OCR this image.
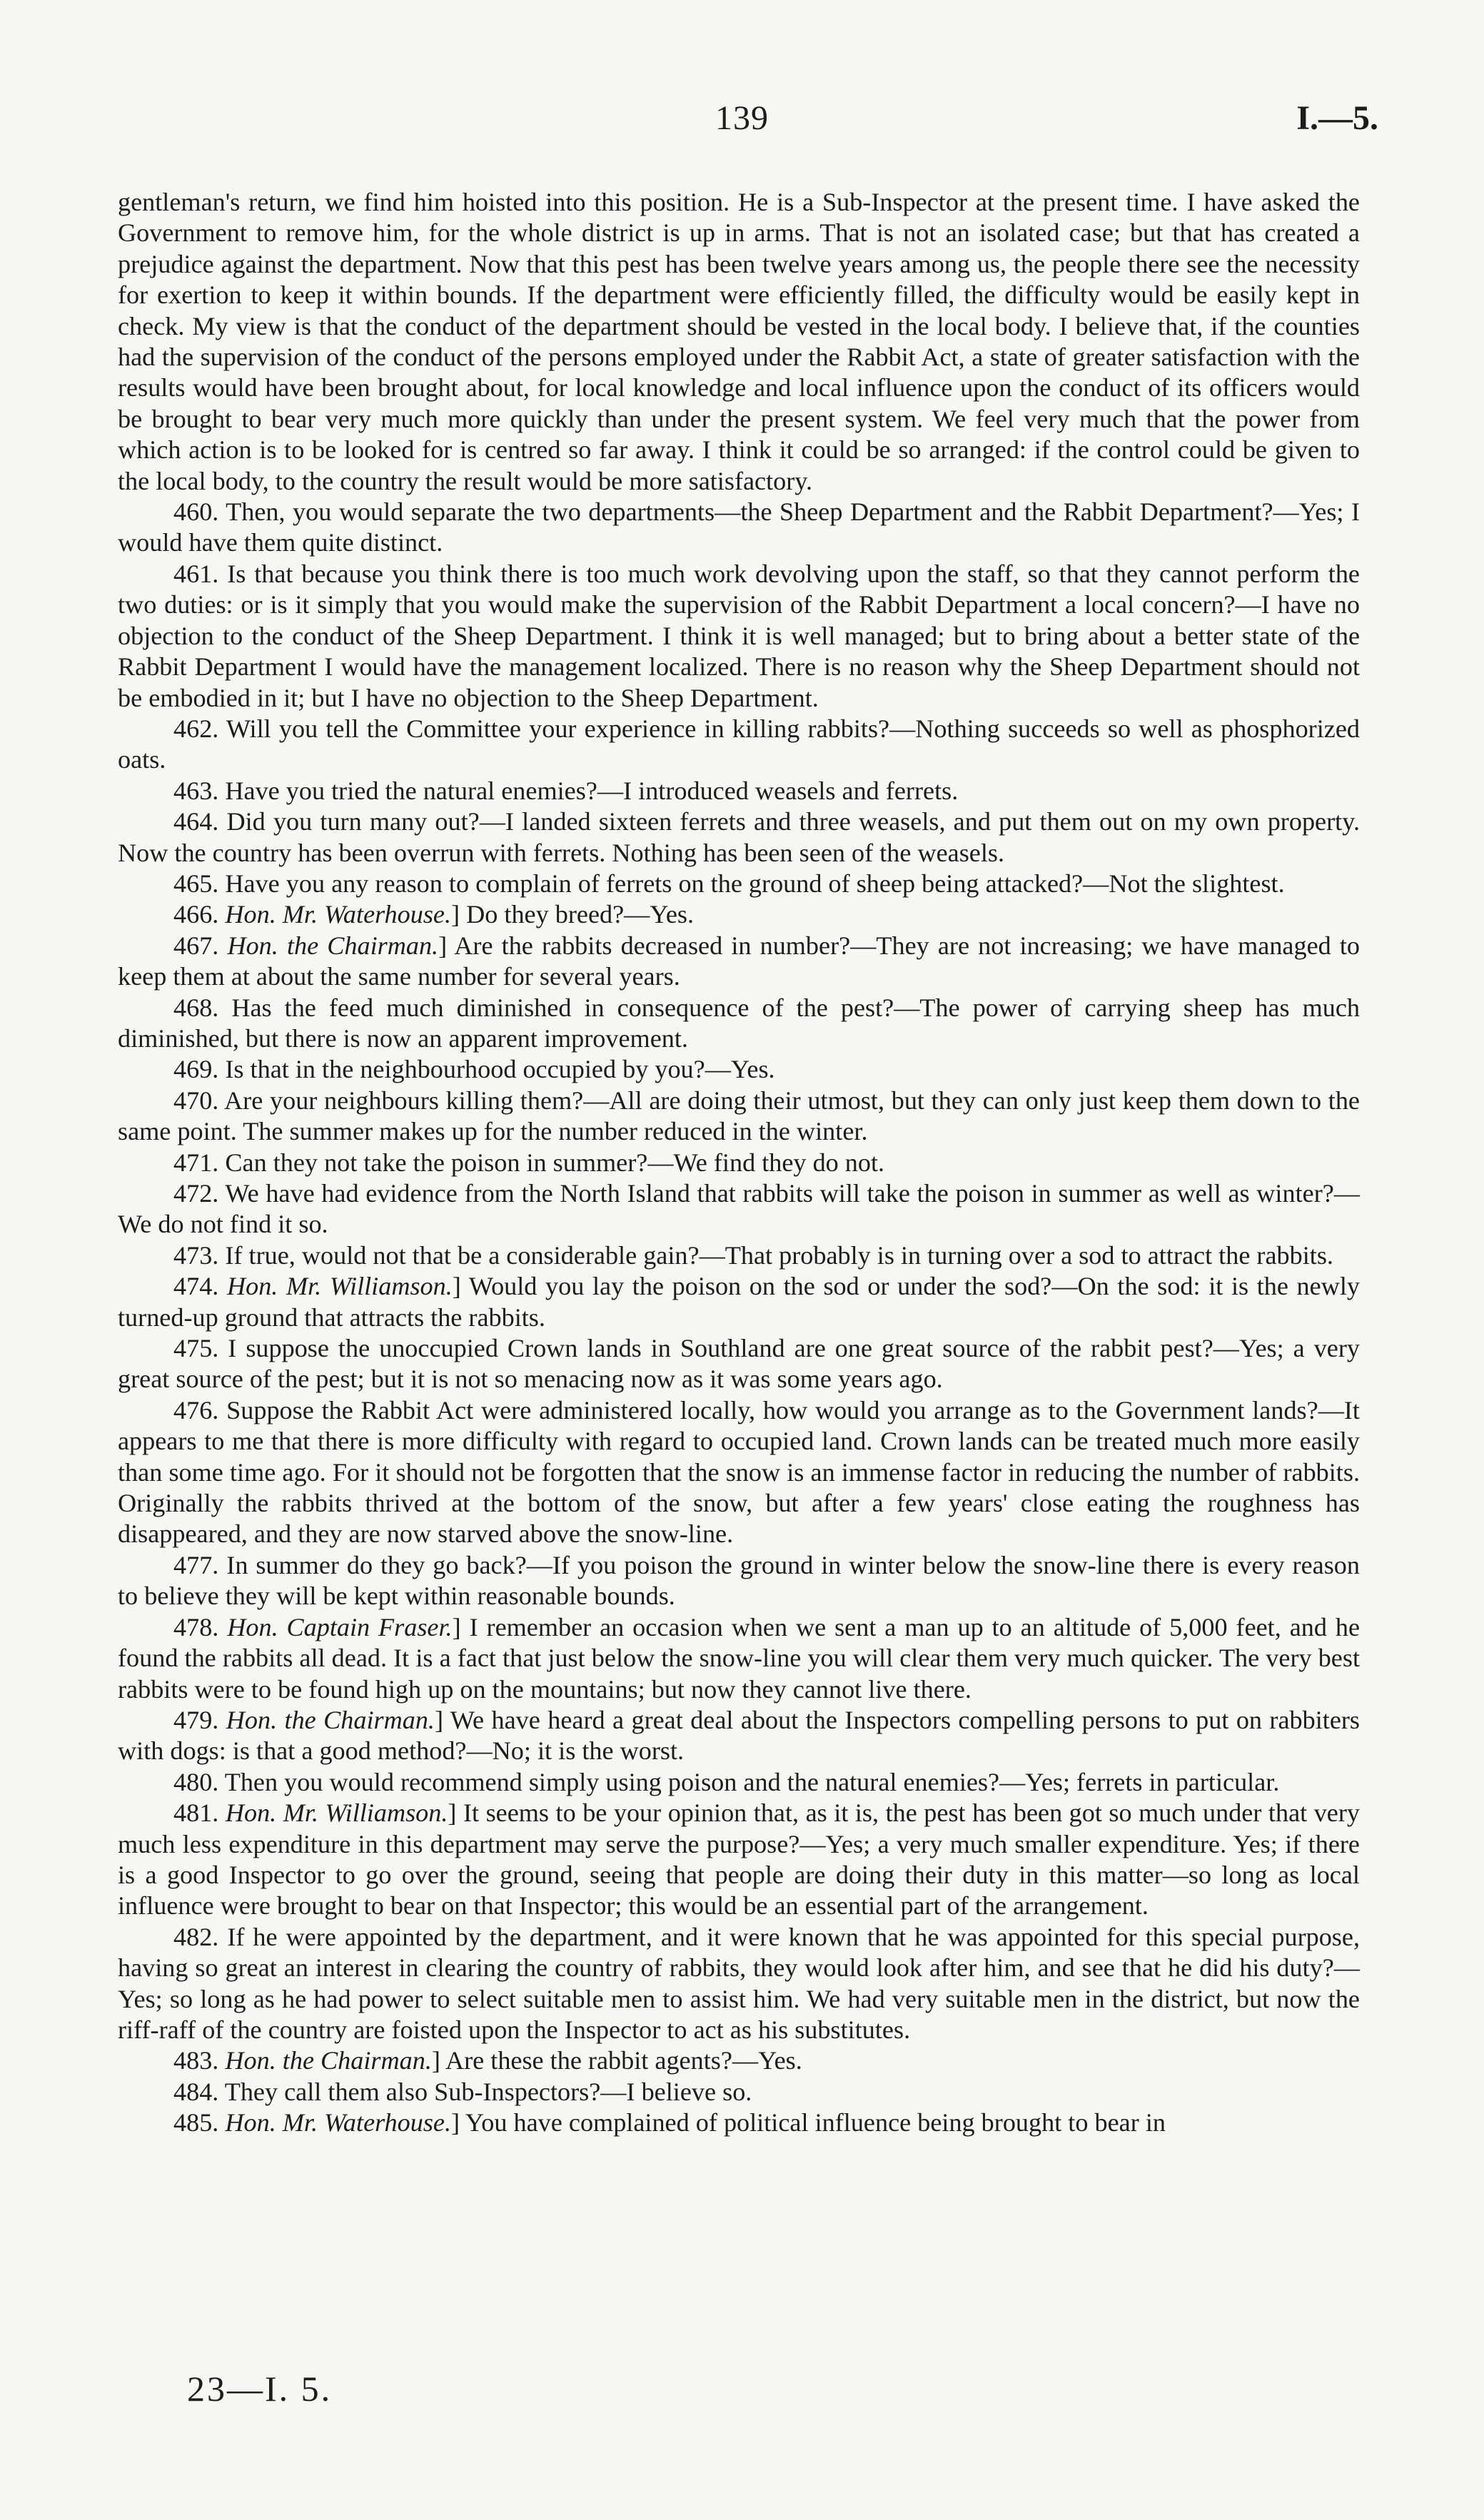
139	I.—5.

gentleman's return, we find him hoisted into this position. He is a Sub-Inspector at the present time. I have asked the Government to remove him, for the whole district is up in arms. That is not an isolated case; but that has created a prejudice against the department. Now that this pest has been twelve years among us, the people there see the necessity for exertion to keep it within bounds. If the department were efficiently filled, the difficulty would be easily kept in check. My view is that the conduct of the department should be vested in the local body. I believe that, if the counties had the supervision of the conduct of the persons employed under the Rabbit Act, a state of greater satisfaction with the results would have been brought about, for local knowledge and local influence upon the conduct of its officers would be brought to bear very much more quickly than under the present system. We feel very much that the power from which action is to be looked for is centred so far away. I think it could be so arranged: if the control could be given to the local body, to the country the result would be more satisfactory.

460. Then, you would separate the two departments—the Sheep Department and the Rabbit Department?—Yes; I would have them quite distinct.

461. Is that because you think there is too much work devolving upon the staff, so that they cannot perform the two duties: or is it simply that you would make the supervision of the Rabbit Department a local concern?—I have no objection to the conduct of the Sheep Department. I think it is well managed; but to bring about a better state of the Rabbit Department I would have the management localized. There is no reason why the Sheep Department should not be embodied in it; but I have no objection to the Sheep Department.

462. Will you tell the Committee your experience in killing rabbits?—Nothing succeeds so well as phosphorized oats.

463. Have you tried the natural enemies?—I introduced weasels and ferrets.

464. Did you turn many out?—I landed sixteen ferrets and three weasels, and put them out on my own property. Now the country has been overrun with ferrets. Nothing has been seen of the weasels.

465. Have you any reason to complain of ferrets on the ground of sheep being attacked?—Not the slightest.

466. Hon. Mr. Waterhouse.] Do they breed?—Yes.

467. Hon. the Chairman.] Are the rabbits decreased in number?—They are not increasing; we have managed to keep them at about the same number for several years.

468. Has the feed much diminished in consequence of the pest?—The power of carrying sheep has much diminished, but there is now an apparent improvement.

469. Is that in the neighbourhood occupied by you?—Yes.

470. Are your neighbours killing them?—All are doing their utmost, but they can only just keep them down to the same point. The summer makes up for the number reduced in the winter.

471. Can they not take the poison in summer?—We find they do not.

472. We have had evidence from the North Island that rabbits will take the poison in summer as well as winter?—We do not find it so.

473. If true, would not that be a considerable gain?—That probably is in turning over a sod to attract the rabbits.

474. Hon. Mr. Williamson.] Would you lay the poison on the sod or under the sod?—On the sod: it is the newly turned-up ground that attracts the rabbits.

475. I suppose the unoccupied Crown lands in Southland are one great source of the rabbit pest?—Yes; a very great source of the pest; but it is not so menacing now as it was some years ago.

476. Suppose the Rabbit Act were administered locally, how would you arrange as to the Government lands?—It appears to me that there is more difficulty with regard to occupied land. Crown lands can be treated much more easily than some time ago. For it should not be forgotten that the snow is an immense factor in reducing the number of rabbits. Originally the rabbits thrived at the bottom of the snow, but after a few years' close eating the roughness has disappeared, and they are now starved above the snow-line.

477. In summer do they go back?—If you poison the ground in winter below the snow-line there is every reason to believe they will be kept within reasonable bounds.

478. Hon. Captain Fraser.] I remember an occasion when we sent a man up to an altitude of 5,000 feet, and he found the rabbits all dead. It is a fact that just below the snow-line you will clear them very much quicker. The very best rabbits were to be found high up on the mountains; but now they cannot live there.

479. Hon. the Chairman.] We have heard a great deal about the Inspectors compelling persons to put on rabbiters with dogs: is that a good method?—No; it is the worst.

480. Then you would recommend simply using poison and the natural enemies?—Yes; ferrets in particular.

481. Hon. Mr. Williamson.] It seems to be your opinion that, as it is, the pest has been got so much under that very much less expenditure in this department may serve the purpose?—Yes; a very much smaller expenditure. Yes; if there is a good Inspector to go over the ground, seeing that people are doing their duty in this matter—so long as local influence were brought to bear on that Inspector; this would be an essential part of the arrangement.

482. If he were appointed by the department, and it were known that he was appointed for this special purpose, having so great an interest in clearing the country of rabbits, they would look after him, and see that he did his duty?—Yes; so long as he had power to select suitable men to assist him. We had very suitable men in the district, but now the riff-raff of the country are foisted upon the Inspector to act as his substitutes.

483. Hon. the Chairman.] Are these the rabbit agents?—Yes.

484. They call them also Sub-Inspectors?—I believe so.

485. Hon. Mr. Waterhouse.] You have complained of political influence being brought to bear in

23—I. 5.
